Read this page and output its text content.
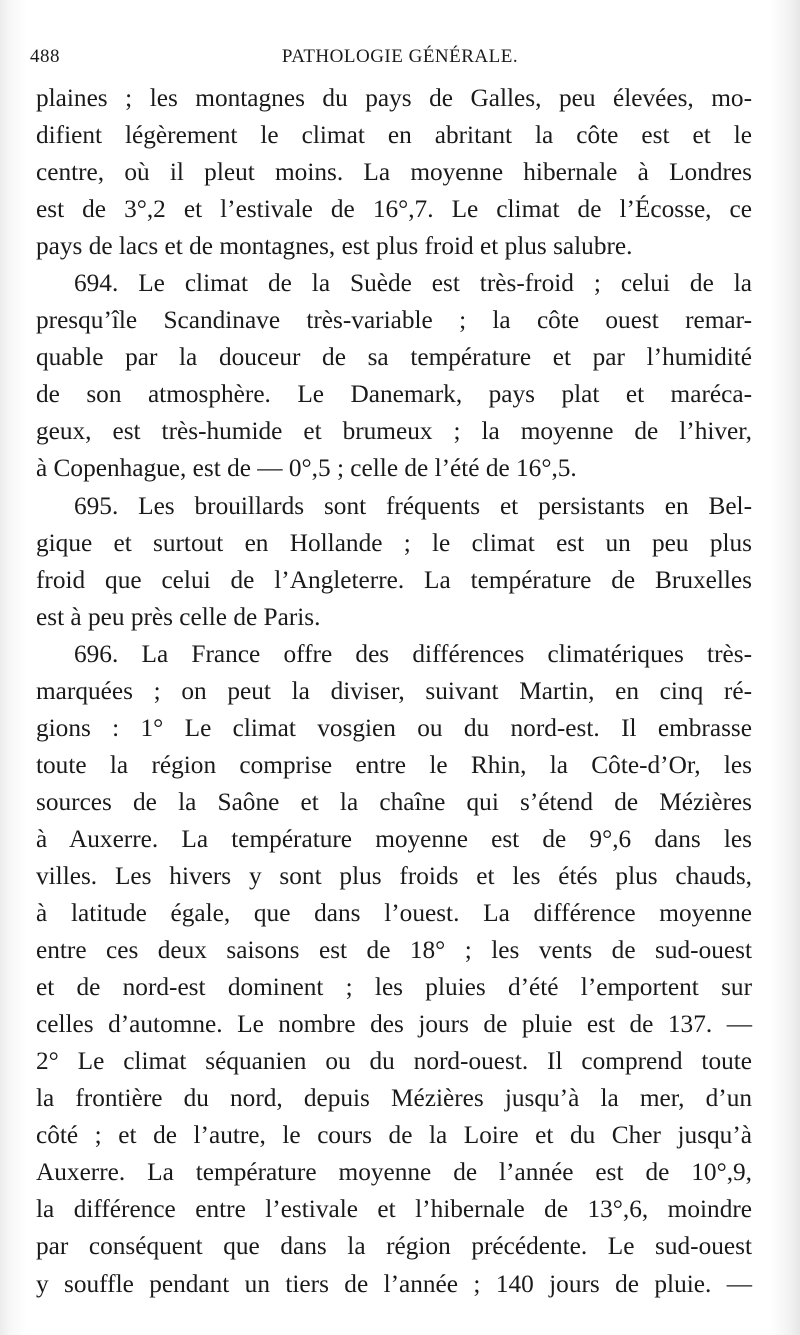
488	PATHOLOGIE GÉNÉRALE.
plaines ; les montagnes du pays de Galles, peu élevées, mo-
difient légèrement le climat en abritant la côte est et le
centre, où il pleut moins. La moyenne hibernale à Londres
est de 3°,2 et l’estivale de 16°,7. Le climat de l’Écosse, ce
pays de lacs et de montagnes, est plus froid et plus salubre.
694. Le climat de la Suède est très-froid ; celui de la
presqu’île Scandinave très-variable ; la côte ouest remar-
quable par la douceur de sa température et par l’humidité
de son atmosphère. Le Danemark, pays plat et maréca-
geux, est très-humide et brumeux ; la moyenne de l’hiver,
à Copenhague, est de — 0°,5 ; celle de l’été de 16°,5.
695. Les brouillards sont fréquents et persistants en Bel-
gique et surtout en Hollande ; le climat est un peu plus
froid que celui de l’Angleterre. La température de Bruxelles
est à peu près celle de Paris.
696. La France offre des différences climatériques très-
marquées ; on peut la diviser, suivant Martin, en cinq ré-
gions : 1° Le climat vosgien ou du nord-est. Il embrasse
toute la région comprise entre le Rhin, la Côte-d’Or, les
sources de la Saône et la chaîne qui s’étend de Mézières
à Auxerre. La température moyenne est de 9°,6 dans les
villes. Les hivers y sont plus froids et les étés plus chauds,
à latitude égale, que dans l’ouest. La différence moyenne
entre ces deux saisons est de 18° ; les vents de sud-ouest
et de nord-est dominent ; les pluies d’été l’emportent sur
celles d’automne. Le nombre des jours de pluie est de 137. —
2° Le climat séquanien ou du nord-ouest. Il comprend toute
la frontière du nord, depuis Mézières jusqu’à la mer, d’un
côté ; et de l’autre, le cours de la Loire et du Cher jusqu’à
Auxerre. La température moyenne de l’année est de 10°,9,
la différence entre l’estivale et l’hibernale de 13°,6, moindre
par conséquent que dans la région précédente. Le sud-ouest
y souffle pendant un tiers de l’année ; 140 jours de pluie. —
